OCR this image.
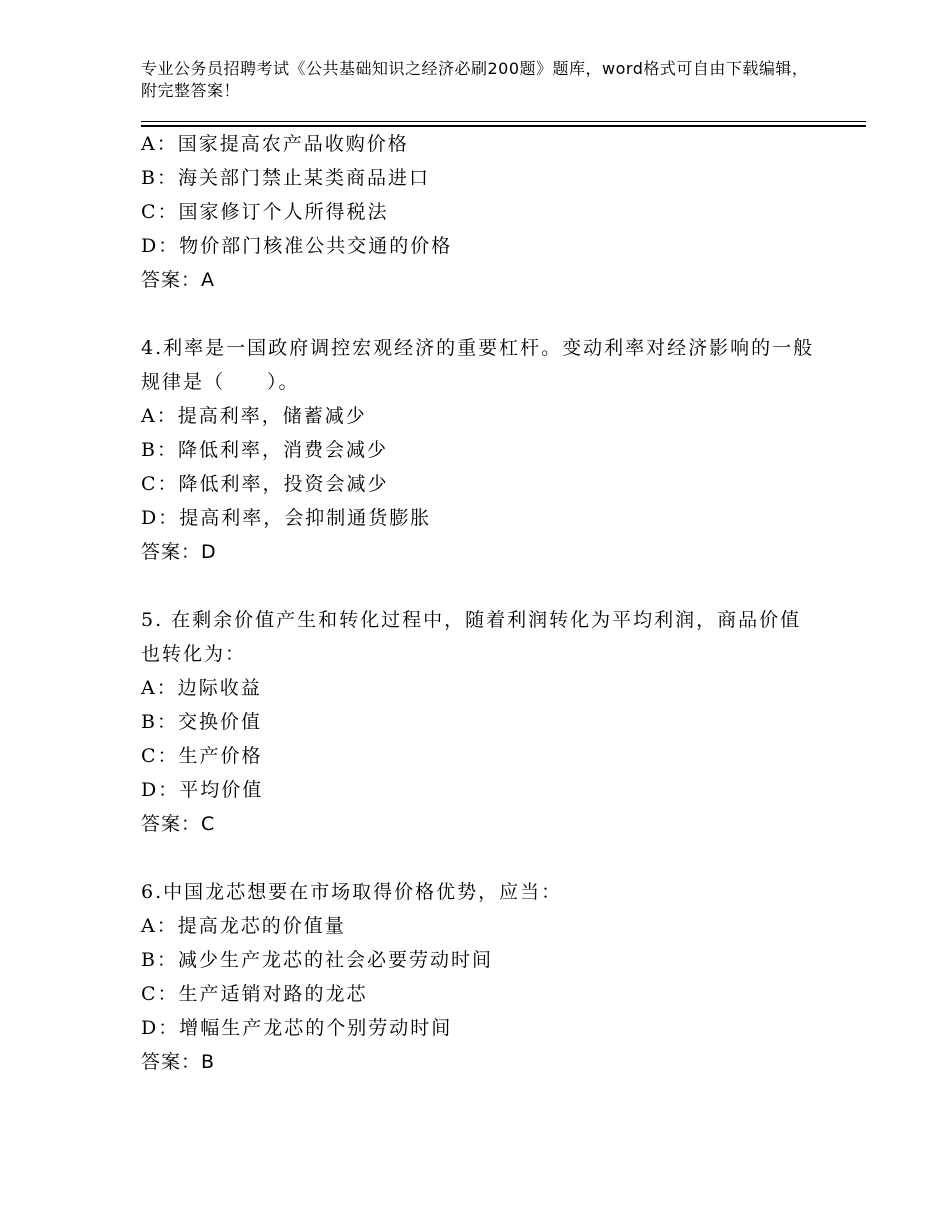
专业公务员招聘考试《公共基础知识之经济必刷200题》题库，word格式可自由下载编辑，附完整答案！
A：国家提高农产品收购价格
B：海关部门禁止某类商品进口
C：国家修订个人所得税法
D：物价部门核准公共交通的价格
答案：A
4.利率是一国政府调控宏观经济的重要杠杆。变动利率对经济影响的一般规律是（　　）。
A：提高利率，储蓄减少
B：降低利率，消费会减少
C：降低利率，投资会减少
D：提高利率，会抑制通货膨胀
答案：D
5. 在剩余价值产生和转化过程中，随着利润转化为平均利润，商品价值也转化为：
A：边际收益
B：交换价值
C：生产价格
D：平均价值
答案：C
6.中国龙芯想要在市场取得价格优势，应当：
A：提高龙芯的价值量
B：减少生产龙芯的社会必要劳动时间
C：生产适销对路的龙芯
D：增幅生产龙芯的个别劳动时间
答案：B
